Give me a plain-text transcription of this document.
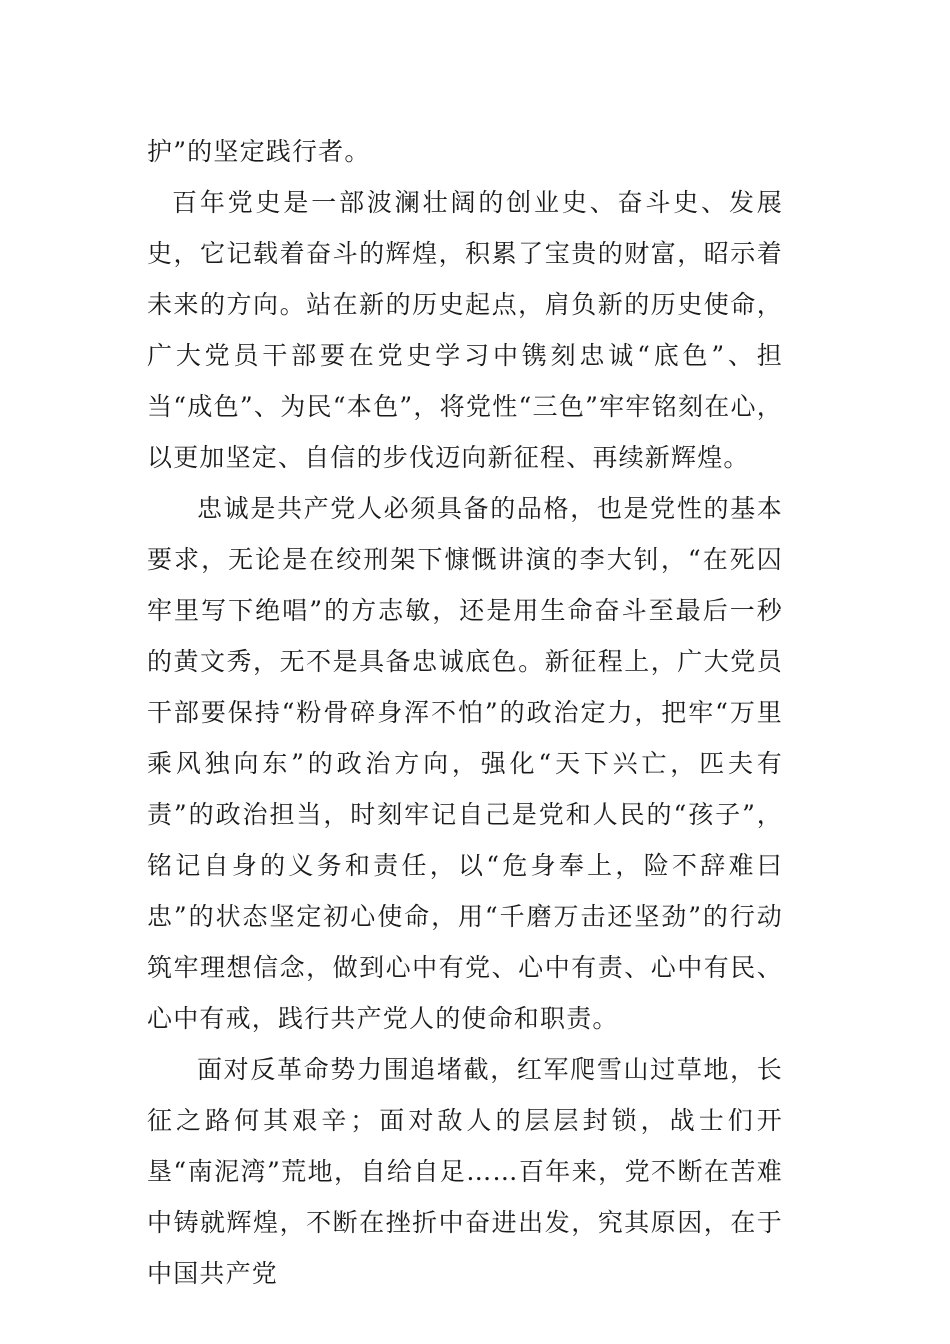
护”的坚定践行者。

百年党史是一部波澜壮阔的创业史、奋斗史、发展史，它记载着奋斗的辉煌，积累了宝贵的财富，昭示着未来的方向。站在新的历史起点，肩负新的历史使命，广大党员干部要在党史学习中镌刻忠诚“底色”、担当“成色”、为民“本色”，将党性“三色”牢牢铭刻在心，以更加坚定、自信的步伐迈向新征程、再续新辉煌。

忠诚是共产党人必须具备的品格，也是党性的基本要求，无论是在绞刑架下慷慨讲演的李大钊，“在死囚牢里写下绝唱”的方志敏，还是用生命奋斗至最后一秒的黄文秀，无不是具备忠诚底色。新征程上，广大党员干部要保持“粉骨碎身浑不怕”的政治定力，把牢“万里乘风独向东”的政治方向，强化“天下兴亡，匹夫有责”的政治担当，时刻牢记自己是党和人民的“孩子”，铭记自身的义务和责任，以“危身奉上，险不辞难曰忠”的状态坚定初心使命，用“千磨万击还坚劲”的行动筑牢理想信念，做到心中有党、心中有责、心中有民、心中有戒，践行共产党人的使命和职责。

面对反革命势力围追堵截，红军爬雪山过草地，长征之路何其艰辛；面对敌人的层层封锁，战士们开垦“南泥湾”荒地，自给自足……百年来，党不断在苦难中铸就辉煌，不断在挫折中奋进出发，究其原因，在于中国共产党
